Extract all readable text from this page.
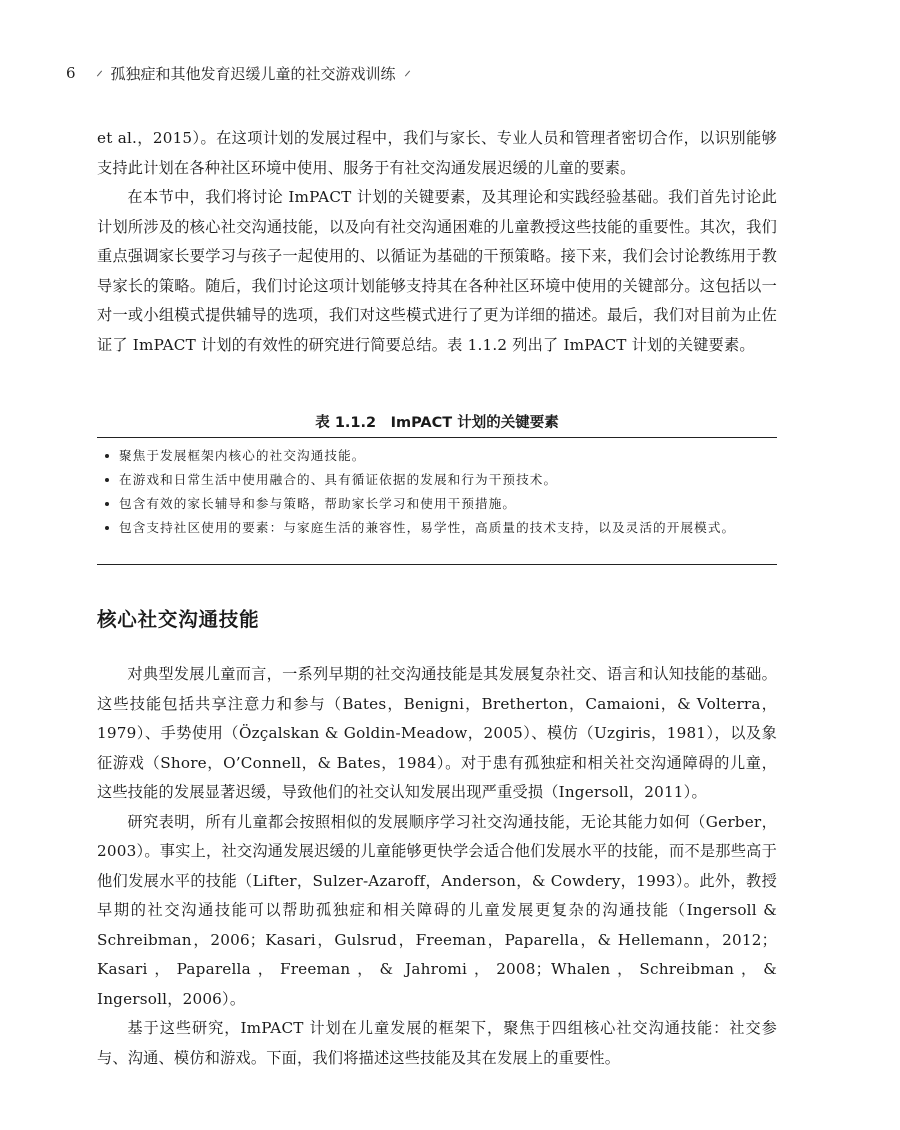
6 孤独症和其他发育迟缓儿童的社交游戏训练

et al.，2015）。在这项计划的发展过程中，我们与家长、专业人员和管理者密切合作，以识别能够支持此计划在各种社区环境中使用、服务于有社交沟通发展迟缓的儿童的要素。

在本节中，我们将讨论 ImPACT 计划的关键要素，及其理论和实践经验基础。我们首先讨论此计划所涉及的核心社交沟通技能，以及向有社交沟通困难的儿童教授这些技能的重要性。其次，我们重点强调家长要学习与孩子一起使用的、以循证为基础的干预策略。接下来，我们会讨论教练用于教导家长的策略。随后，我们讨论这项计划能够支持其在各种社区环境中使用的关键部分。这包括以一对一或小组模式提供辅导的选项，我们对这些模式进行了更为详细的描述。最后，我们对目前为止佐证了 ImPACT 计划的有效性的研究进行简要总结。表 1.1.2 列出了 ImPACT 计划的关键要素。

表 1.1.2　ImPACT 计划的关键要素
聚焦于发展框架内核心的社交沟通技能。
在游戏和日常生活中使用融合的、具有循证依据的发展和行为干预技术。
包含有效的家长辅导和参与策略，帮助家长学习和使用干预措施。
包含支持社区使用的要素：与家庭生活的兼容性，易学性，高质量的技术支持，以及灵活的开展模式。
核心社交沟通技能

对典型发展儿童而言，一系列早期的社交沟通技能是其发展复杂社交、语言和认知技能的基础。这些技能包括共享注意力和参与（Bates，Benigni，Bretherton，Camaioni，& Volterra，1979）、手势使用（Özçalskan & Goldin-Meadow，2005）、模仿（Uzgiris，1981），以及象征游戏（Shore，O’Connell，& Bates，1984）。对于患有孤独症和相关社交沟通障碍的儿童，这些技能的发展显著迟缓，导致他们的社交认知发展出现严重受损（Ingersoll，2011）。

研究表明，所有儿童都会按照相似的发展顺序学习社交沟通技能，无论其能力如何（Gerber，2003）。事实上，社交沟通发展迟缓的儿童能够更快学会适合他们发展水平的技能，而不是那些高于他们发展水平的技能（Lifter，Sulzer-Azaroff，Anderson，& Cowdery，1993）。此外，教授早期的社交沟通技能可以帮助孤独症和相关障碍的儿童发展更复杂的沟通技能（Ingersoll & Schreibman，2006；Kasari，Gulsrud，Freeman，Paparella，& Hellemann，2012；Kasari，Paparella，Freeman，& Jahromi，2008；Whalen，Schreibman，& Ingersoll，2006）。

基于这些研究，ImPACT 计划在儿童发展的框架下，聚焦于四组核心社交沟通技能：社交参与、沟通、模仿和游戏。下面，我们将描述这些技能及其在发展上的重要性。
